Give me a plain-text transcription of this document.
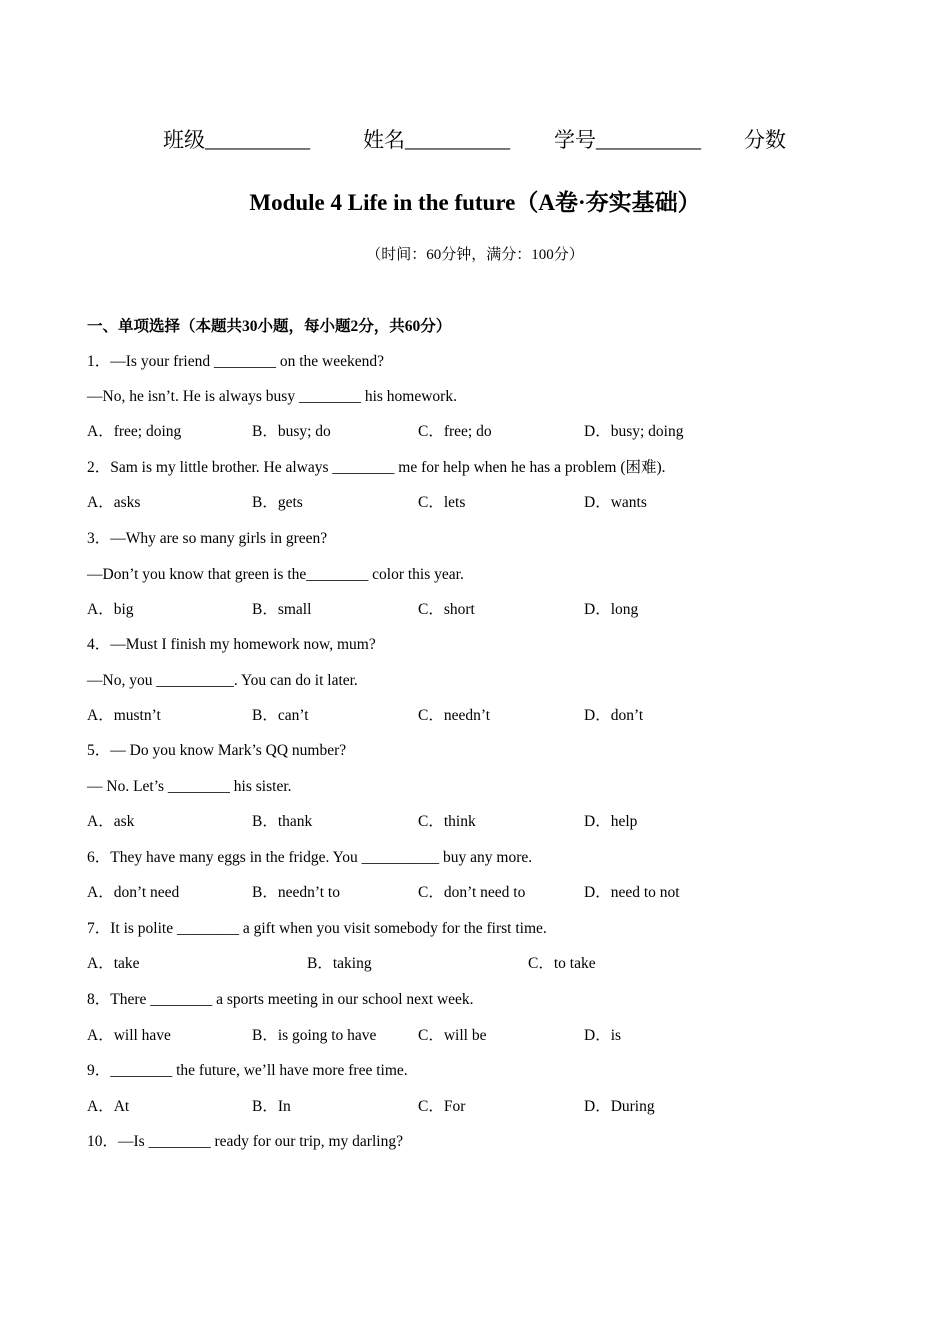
班级__________	姓名__________ 学号__________ 分数
Module 4 Life in the future（A卷·夯实基础）
（时间：60分钟，满分：100分）
一、单项选择（本题共30小题，每小题2分，共60分）
1．—Is your friend ________ on the weekend?
—No, he isn’t. He is always busy ________ his homework.
A．free; doing	B．busy; do	C．free; do	D．busy; doing
2．Sam is my little brother. He always ________ me for help when he has a problem (困难).
A．asks	B．gets	C．lets	D．wants
3．—Why are so many girls in green?
—Don’t you know that green is the________ color this year.
A．big	B．small	C．short	D．long
4．—Must I finish my homework now, mum?
—No, you __________. You can do it later.
A．mustn’t	B．can’t	C．needn’t	D．don’t
5．— Do you know Mark’s QQ number?
— No. Let’s ________ his sister.
A．ask	B．thank	C．think	D．help
6．They have many eggs in the fridge. You __________ buy any more.
A．don’t need	B．needn’t to	C．don’t need to	D．need to not
7．It is polite ________ a gift when you visit somebody for the first time.
A．take	B．taking	C．to take
8．There ________ a sports meeting in our school next week.
A．will have	B．is going to have	C．will be	D．is
9．________ the future, we’ll have more free time.
A．At	B．In	C．For	D．During
10．—Is ________ ready for our trip, my darling?
